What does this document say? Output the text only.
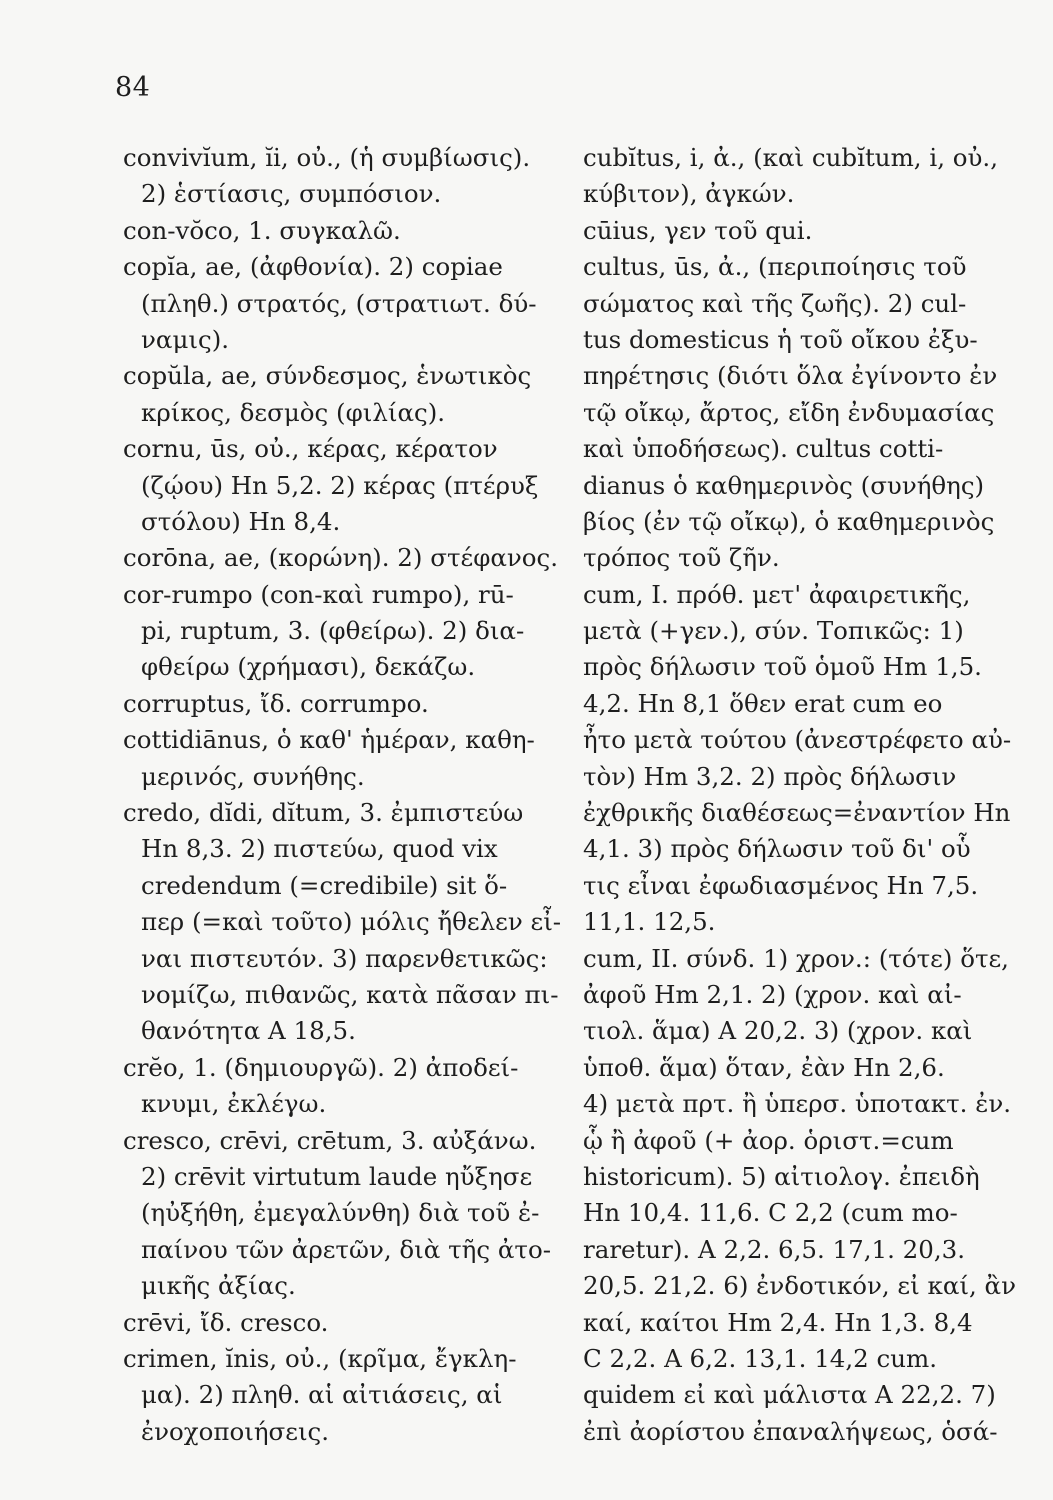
84
convivĭum, ĭi, οὐ., (ἡ συμβίωσις).
2) ἑστίασις, συμπόσιον.
con-vŏco, 1. συγκαλῶ.
copĭa, ae, (ἀφθονία). 2) copiae
(πληθ.) στρατός, (στρατιωτ. δύ-
ναμις).
copŭla, ae, σύνδεσμος, ἑνωτικὸς
κρίκος, δεσμὸς (φιλίας).
cornu, ūs, οὐ., κέρας, κέρατον
(ζῴου) Hn 5,2. 2) κέρας (πτέρυξ
στόλου) Hn 8,4.
corōna, ae, (κορώνη). 2) στέφανος.
cor-rumpo (con-καὶ rumpo), rū-
pi, ruptum, 3. (φθείρω). 2) δια-
φθείρω (χρήμασι), δεκάζω.
corruptus, ἴδ. corrumpo.
cottidiānus, ὁ καθ' ἡμέραν, καθη-
μερινός, συνήθης.
credo, dĭdi, dĭtum, 3. ἐμπιστεύω
Hn 8,3. 2) πιστεύω, quod vix
credendum (=credibile) sit ὅ-
περ (=καὶ τοῦτο) μόλις ἤθελεν εἶ-
ναι πιστευτόν. 3) παρενθετικῶς:
νομίζω, πιθανῶς, κατὰ πᾶσαν πι-
θανότητα A 18,5.
crĕo, 1. (δημιουργῶ). 2) ἀποδεί-
κνυμι, ἐκλέγω.
cresco, crēvi, crētum, 3. αὐξάνω.
2) crēvit virtutum laude ηὔξησε
(ηὐξήθη, ἐμεγαλύνθη) διὰ τοῦ ἐ-
παίνου τῶν ἀρετῶν, διὰ τῆς ἀτο-
μικῆς ἀξίας.
crēvi, ἴδ. cresco.
crimen, ĭnis, οὐ., (κρῖμα, ἔγκλη-
μα). 2) πληθ. αἱ αἰτιάσεις, αἱ
ἐνοχοποιήσεις.
cubĭtus, i, ἀ., (καὶ cubĭtum, i, οὐ.,
κύβιτον), ἀγκών.
cūius, γεν τοῦ qui.
cultus, ūs, ἀ., (περιποίησις τοῦ
σώματος καὶ τῆς ζωῆς). 2) cul-
tus domesticus ἡ τοῦ οἴκου ἐξυ-
πηρέτησις (διότι ὅλα ἐγίνοντο ἐν
τῷ οἴκῳ, ἄρτος, εἴδη ἐνδυμασίας
καὶ ὑποδήσεως). cultus cotti-
dianus ὁ καθημερινὸς (συνήθης)
βίος (ἐν τῷ οἴκῳ), ὁ καθημερινὸς
τρόπος τοῦ ζῆν.
cum, I. πρόθ. μετ' ἀφαιρετικῆς,
μετὰ (+γεν.), σύν. Τοπικῶς: 1)
πρὸς δήλωσιν τοῦ ὁμοῦ Hm 1,5.
4,2. Hn 8,1 ὅθεν erat cum eo
ἦτο μετὰ τούτου (ἀνεστρέφετο αὐ-
τὸν) Hm 3,2. 2) πρὸς δήλωσιν
ἐχθρικῆς διαθέσεως=ἐναντίον Hn
4,1. 3) πρὸς δήλωσιν τοῦ δι' οὗ
τις εἶναι ἐφωδιασμένος Hn 7,5.
11,1. 12,5.
cum, II. σύνδ. 1) χρον.: (τότε) ὅτε,
ἀφοῦ Hm 2,1. 2) (χρον. καὶ αἰ-
τιολ. ἅμα) A 20,2. 3) (χρον. καὶ
ὑποθ. ἅμα) ὅταν, ἐὰν Hn 2,6.
4) μετὰ πρτ. ἢ ὑπερσ. ὑποτακτ. ἐν.
ᾧ ἢ ἀφοῦ (+ ἀορ. ὁριστ.=cum
historicum). 5) αἰτιολογ. ἐπειδὴ
Hn 10,4. 11,6. C 2,2 (cum mo-
raretur). A 2,2. 6,5. 17,1. 20,3.
20,5. 21,2. 6) ἐνδοτικόν, εἰ καί, ἂν
καί, καίτοι Hm 2,4. Hn 1,3. 8,4
C 2,2. A 6,2. 13,1. 14,2 cum.
quidem εἰ καὶ μάλιστα A 22,2. 7)
ἐπὶ ἀορίστου ἐπαναλήψεως, ὁσά-
